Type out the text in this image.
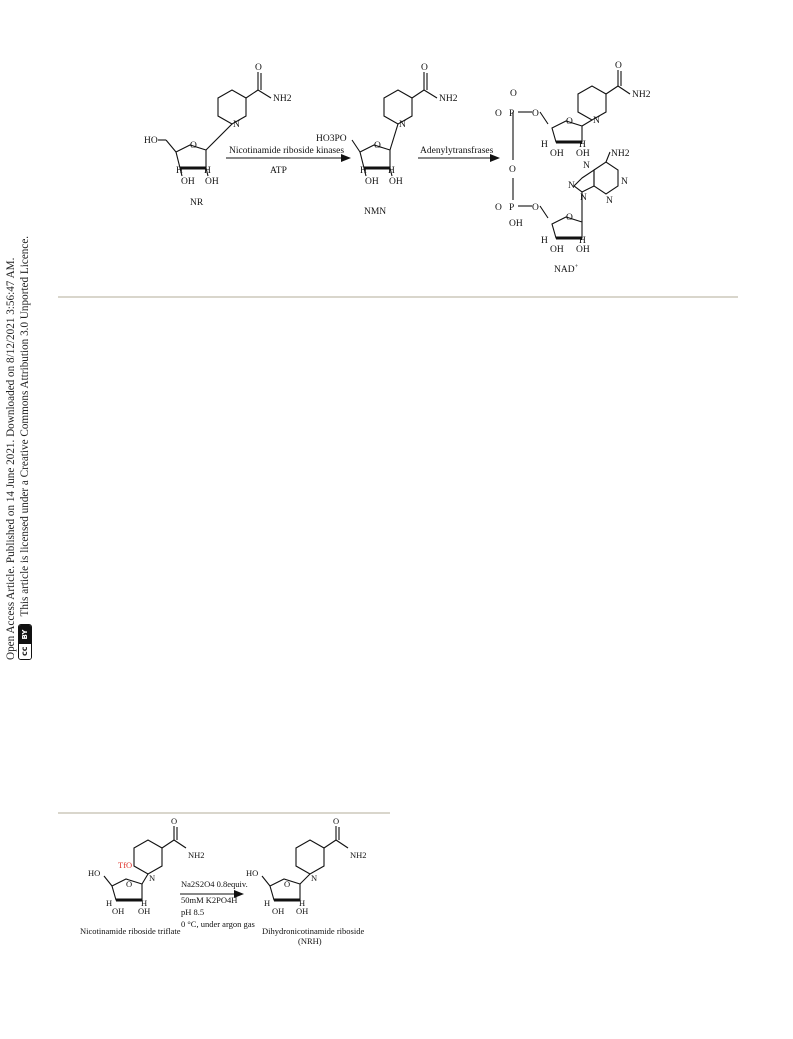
Open Access Article. Published on 14 June 2021. Downloaded on 8/12/2021 3:56:47 AM. cc
BY
This article is licensed under a Creative Commons Attribution 3.0 Unported Licence.
N
NH2
O
O
HO
H H
OH OH
NR
Nicotinamide riboside kinases
ATP
N
NH2
O
O
HO3PO
H H
OH OH
NMN
Adenylytransfrases
O
O P O
O
O P O
OH
N
NH2
O
O
H	H
OH OH NH2
N
N
N
N
N
O
H	H
OH OH
NAD+
TfO
N
NH2
O
O
HO
H	H
OH OH
Nicotinamide riboside triflate
Na2S2O4 0.8equiv.
50mM K2PO4H
pH 8.5
0 °C, under argon gas
N
NH2
O
O
HO
H	H
OH OH
Dihydronicotinamide riboside
(NRH)
